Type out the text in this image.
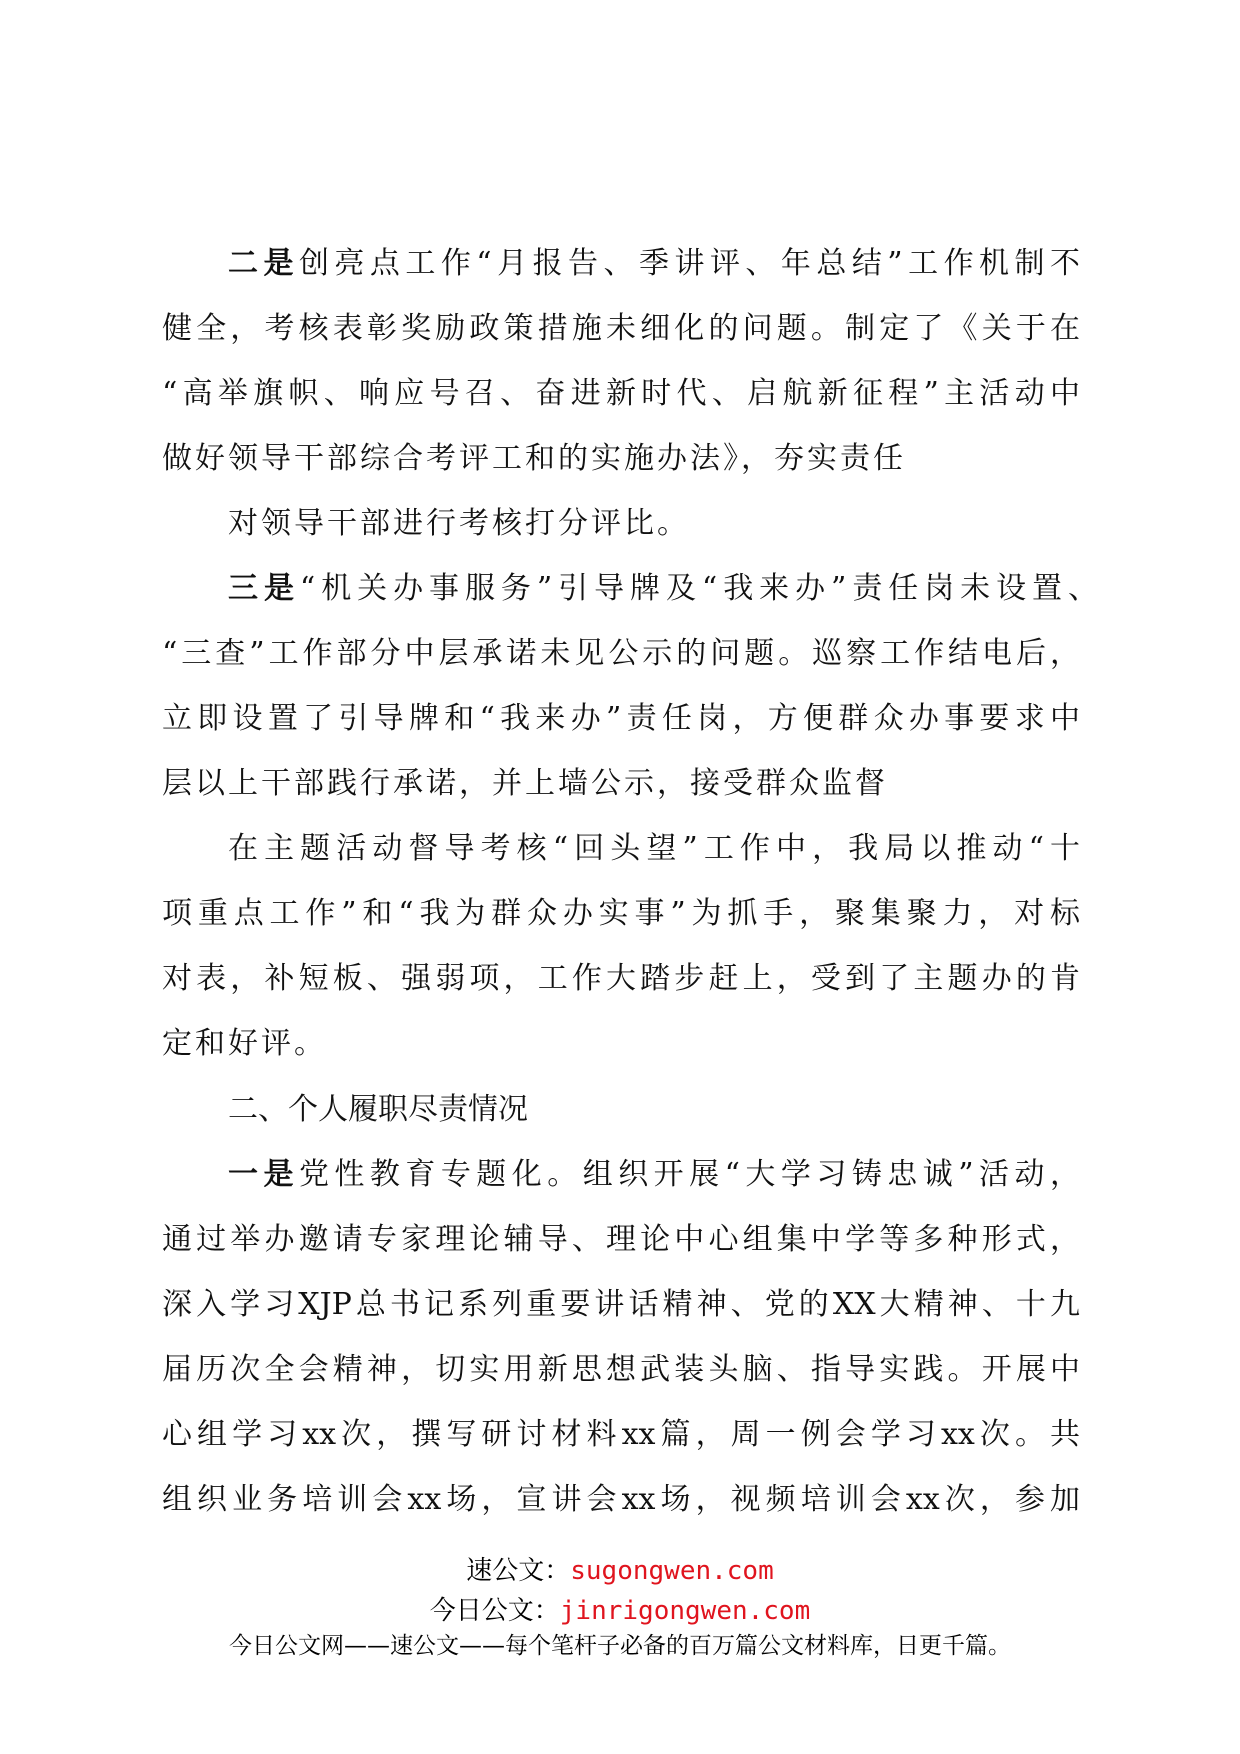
二是创亮点工作“月报告、季讲评、年总结”工作机制不
健全，考核表彰奖励政策措施未细化的问题。制定了《关于在
“高举旗帜、响应号召、奋进新时代、启航新征程”主活动中
做好领导干部综合考评工和的实施办法》，夯实责任
对领导干部进行考核打分评比。
三是“机关办事服务”引导牌及“我来办”责任岗未设置、
“三查”工作部分中层承诺未见公示的问题。巡察工作结电后，
立即设置了引导牌和“我来办”责任岗，方便群众办事要求中
层以上干部践行承诺，并上墙公示，接受群众监督
在主题活动督导考核“回头望”工作中，我局以推动“十
项重点工作”和“我为群众办实事”为抓手，聚集聚力，对标
对表，补短板、强弱项，工作大踏步赶上，受到了主题办的肯
定和好评。
二、个人履职尽责情况
一是党性教育专题化。组织开展“大学习铸忠诚”活动，
通过举办邀请专家理论辅导、理论中心组集中学等多种形式，
深入学习XJP总书记系列重要讲话精神、党的XX大精神、十九
届历次全会精神，切实用新思想武装头脑、指导实践。开展中
心组学习xx次，撰写研讨材料xx篇，周一例会学习xx次。共
组织业务培训会xx场，宣讲会xx场，视频培训会xx次，参加
速公文：sugongwen.com
今日公文：jinrigongwen.com
今日公文网——速公文——每个笔杆子必备的百万篇公文材料库，日更千篇。
